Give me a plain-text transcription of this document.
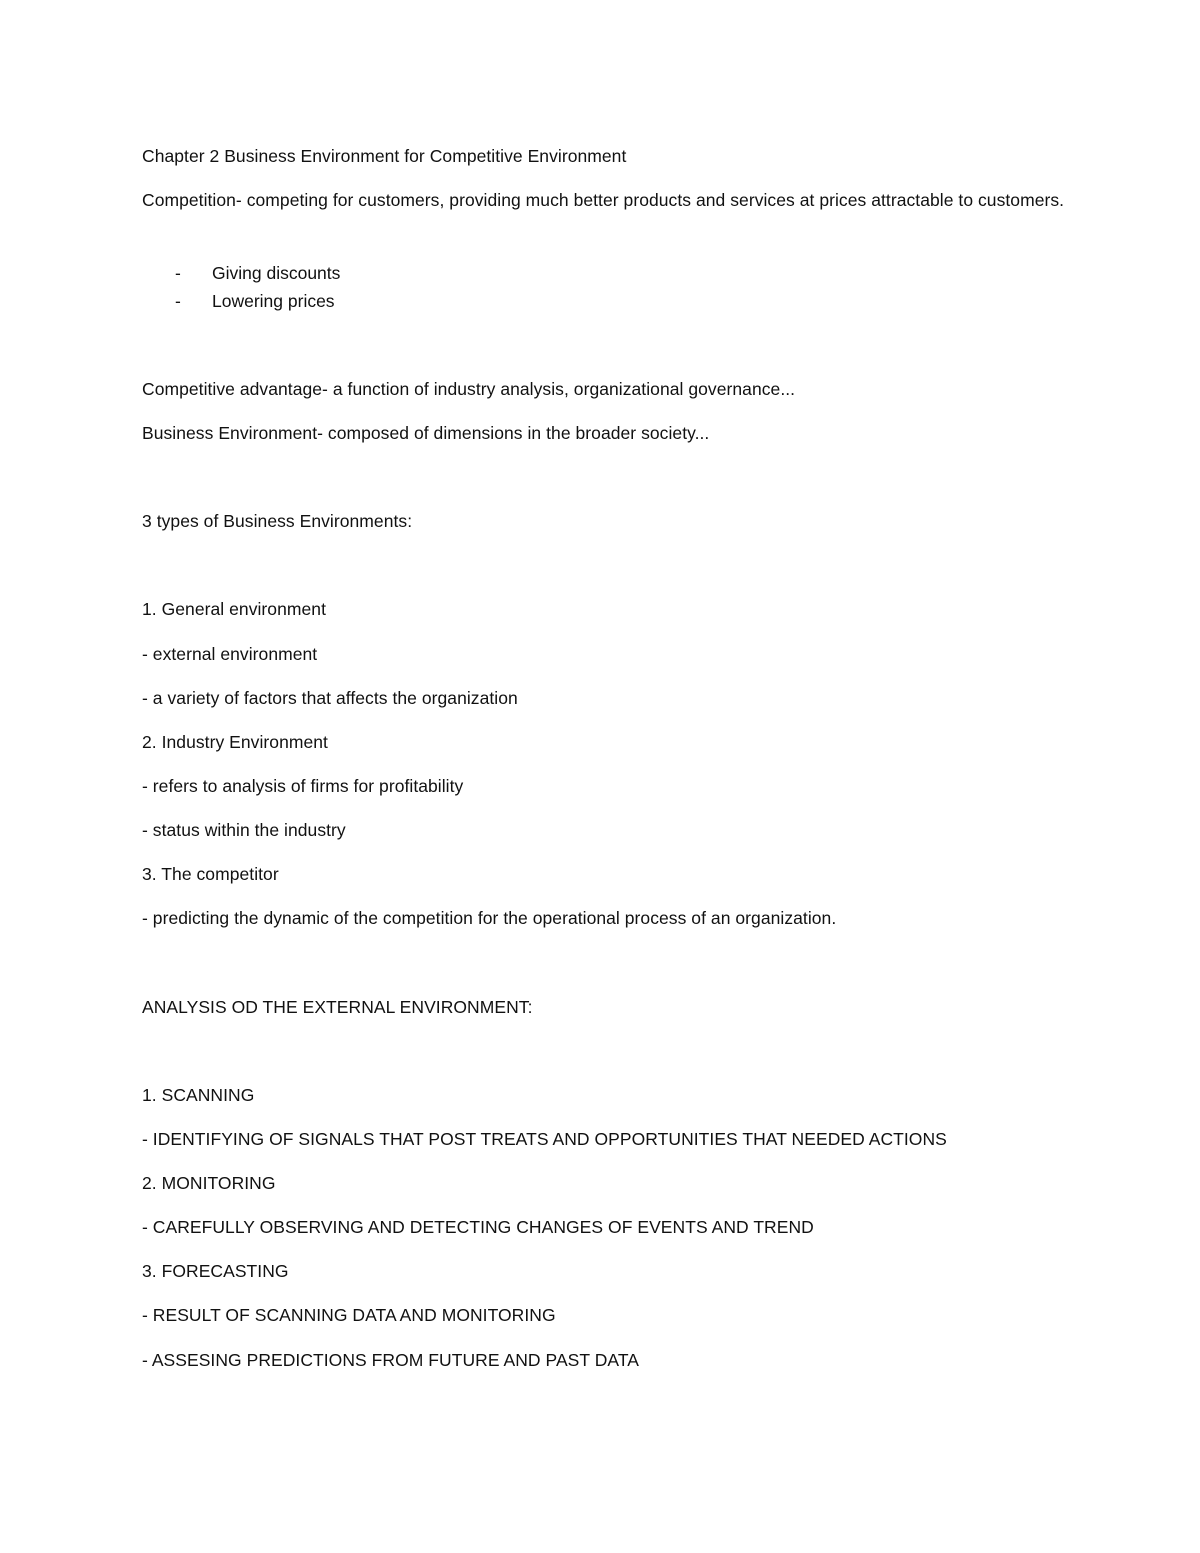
Chapter 2 Business Environment for Competitive Environment
Competition- competing for customers, providing much better products and services at prices attractable to customers.
- Giving discounts
- Lowering prices
Competitive advantage- a function of industry analysis, organizational governance...
Business Environment- composed of dimensions in the broader society...
3 types of Business Environments:
1. General environment
- external environment
- a variety of factors that affects the organization
2. Industry Environment
- refers to analysis of firms for profitability
- status within the industry
3. The competitor
- predicting the dynamic of the competition for the operational process of an organization.
ANALYSIS OD THE EXTERNAL ENVIRONMENT:
1. SCANNING
- IDENTIFYING OF SIGNALS THAT POST TREATS AND OPPORTUNITIES THAT NEEDED ACTIONS
2. MONITORING
- CAREFULLY OBSERVING AND DETECTING CHANGES OF EVENTS AND TREND
3. FORECASTING
- RESULT OF SCANNING DATA AND MONITORING
- ASSESING PREDICTIONS FROM FUTURE AND PAST DATA
